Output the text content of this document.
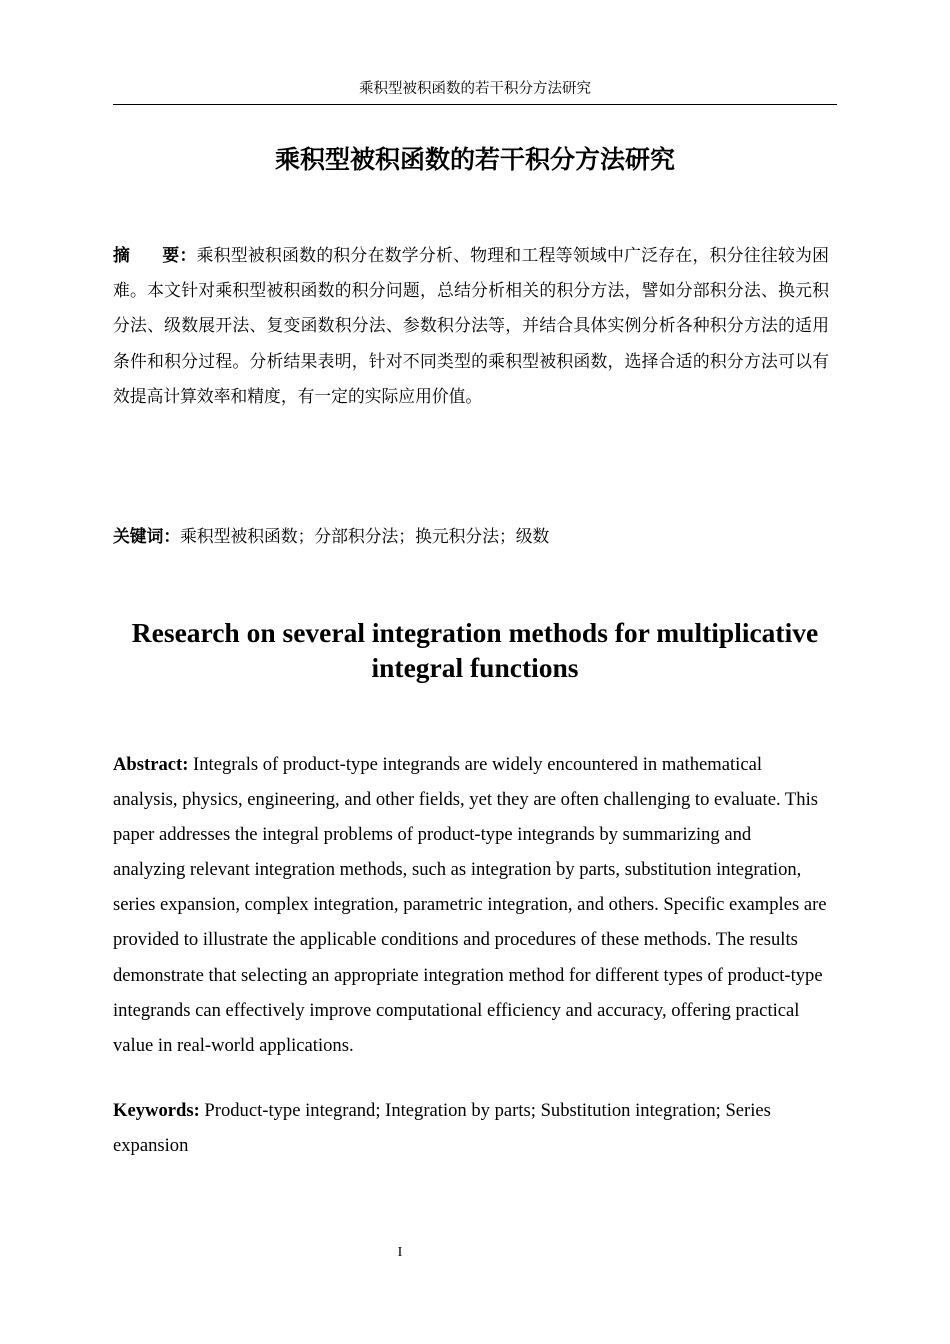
乘积型被积函数的若干积分方法研究
乘积型被积函数的若干积分方法研究
摘 要：乘积型被积函数的积分在数学分析、物理和工程等领域中广泛存在，积分往往较为困难。本文针对乘积型被积函数的积分问题，总结分析相关的积分方法，譬如分部积分法、换元积分法、级数展开法、复变函数积分法、参数积分法等，并结合具体实例分析各种积分方法的适用条件和积分过程。分析结果表明，针对不同类型的乘积型被积函数，选择合适的积分方法可以有效提高计算效率和精度，有一定的实际应用价值。
关键词：乘积型被积函数；分部积分法；换元积分法；级数
Research on several integration methods for multiplicative integral functions
Abstract: Integrals of product-type integrands are widely encountered in mathematical analysis, physics, engineering, and other fields, yet they are often challenging to evaluate. This paper addresses the integral problems of product-type integrands by summarizing and analyzing relevant integration methods, such as integration by parts, substitution integration, series expansion, complex integration, parametric integration, and others. Specific examples are provided to illustrate the applicable conditions and procedures of these methods. The results demonstrate that selecting an appropriate integration method for different types of product-type integrands can effectively improve computational efficiency and accuracy, offering practical value in real-world applications.
Keywords: Product-type integrand; Integration by parts; Substitution integration; Series expansion
I
